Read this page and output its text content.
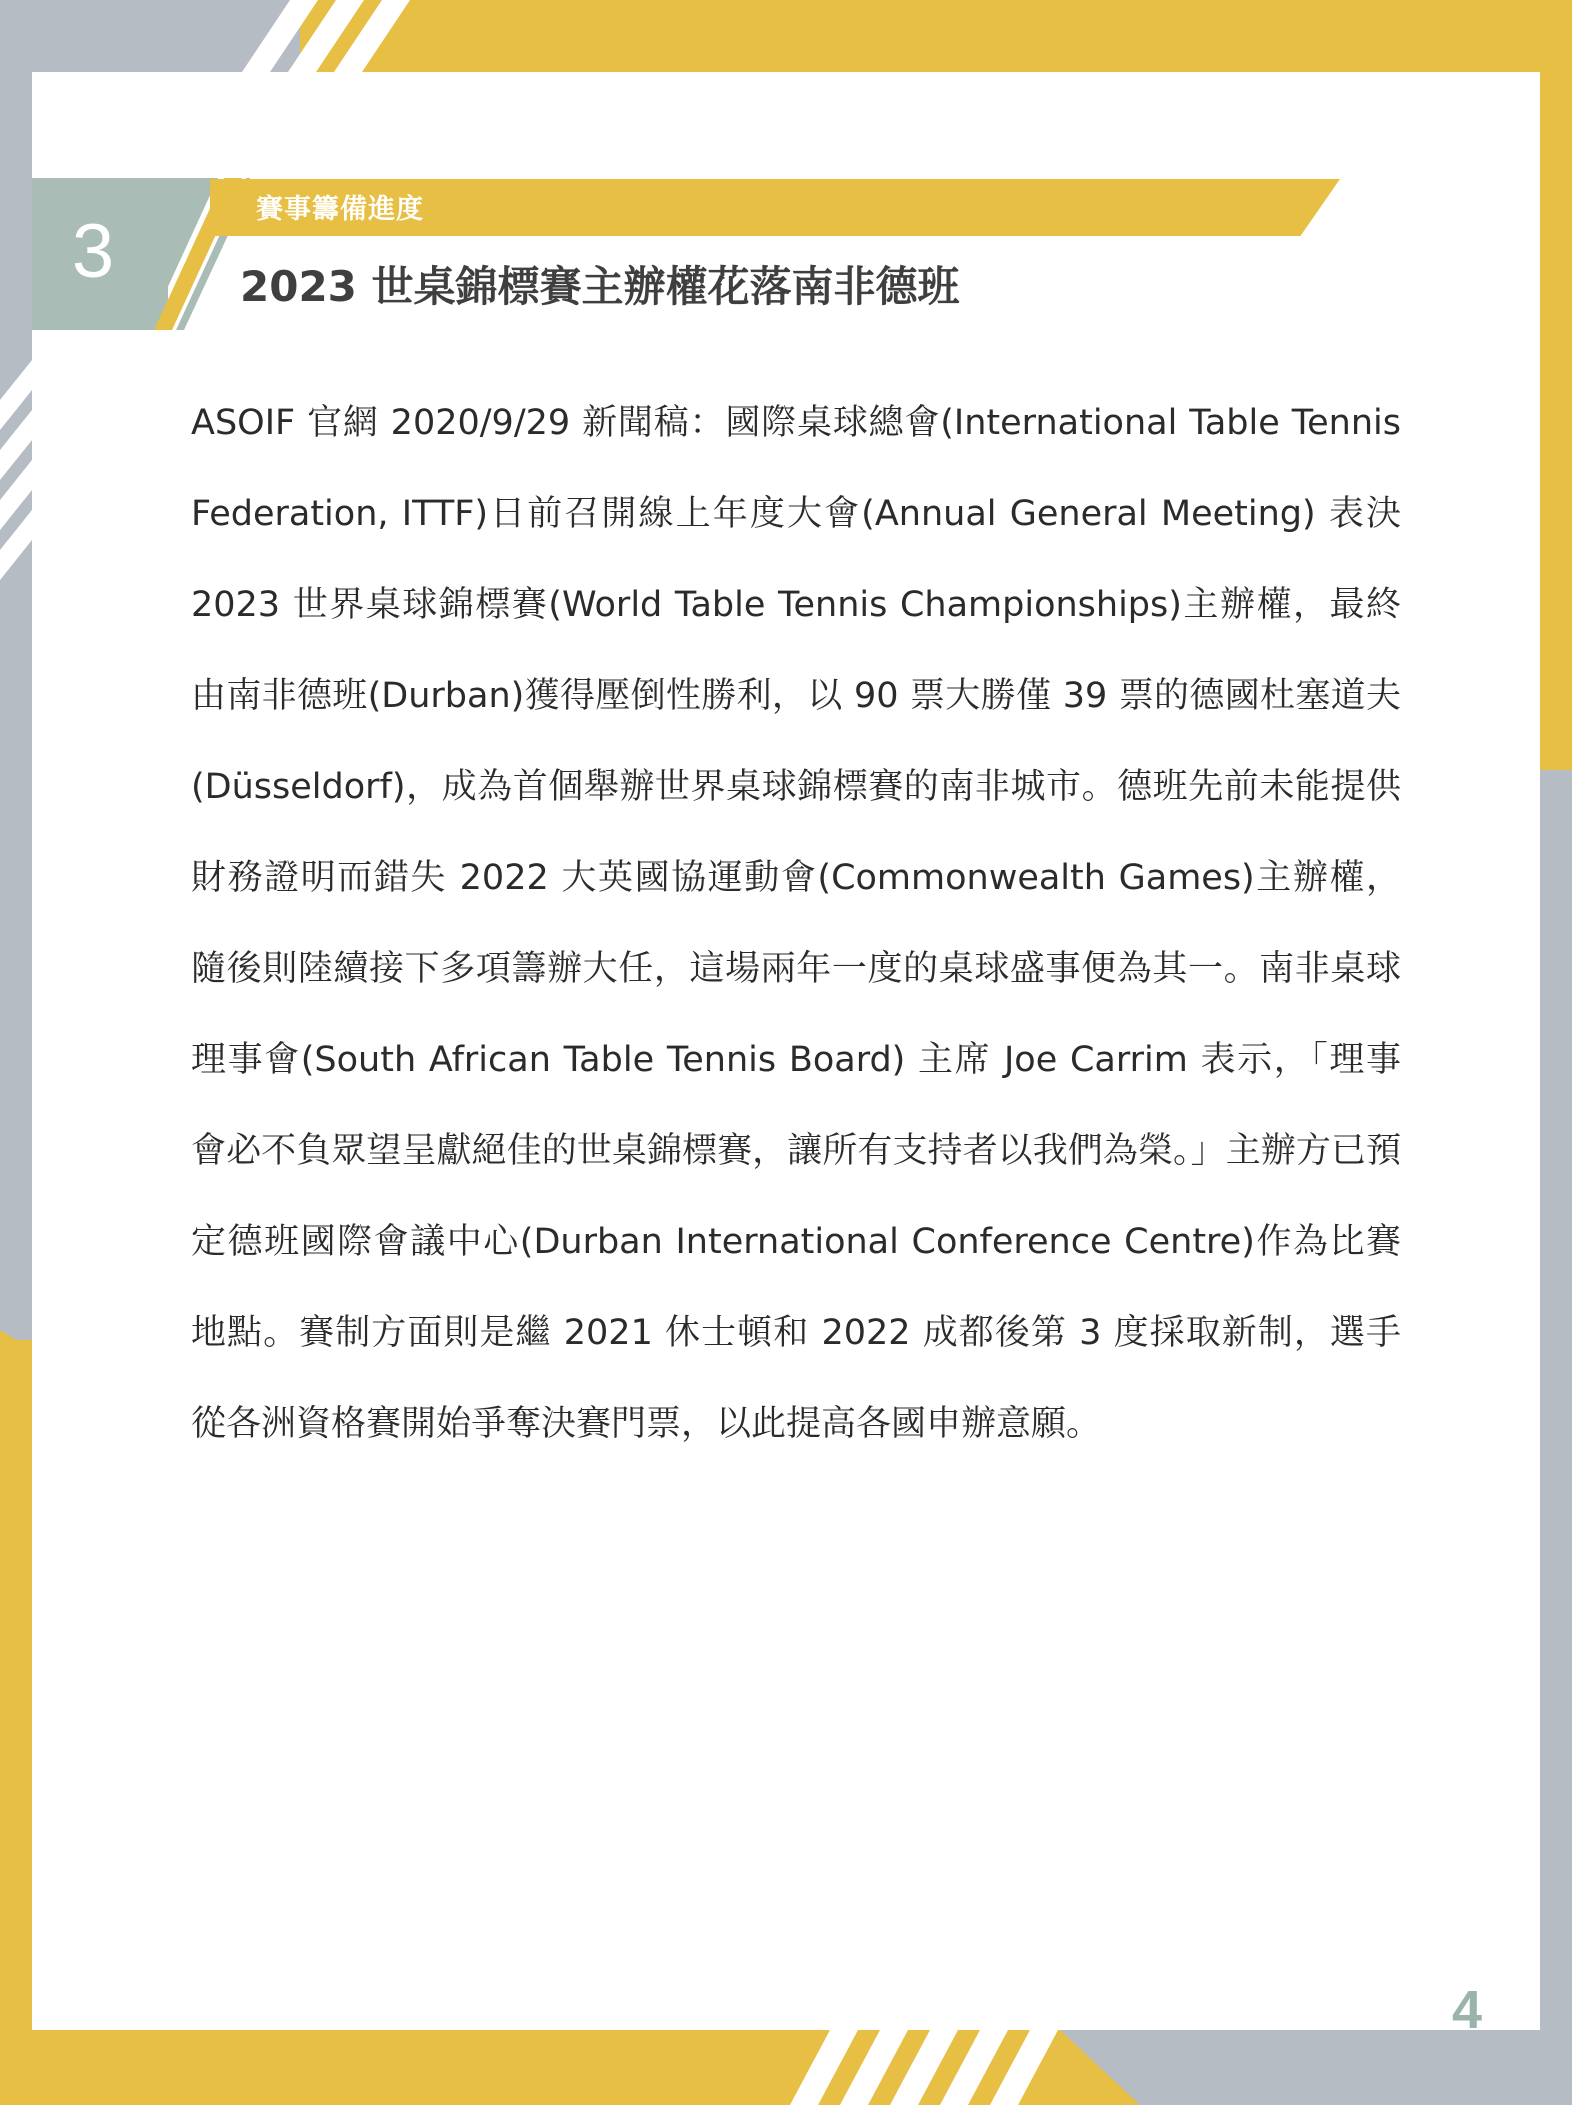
3	賽事籌備進度
2023 世桌錦標賽主辦權花落南非德班

ASOIF 官網 2020/9/29 新聞稿：國際桌球總會(International Table Tennis Federation, ITTF)日前召開線上年度大會(Annual General Meeting) 表決 2023 世界桌球錦標賽(World Table Tennis Championships)主辦權，最終由南非德班(Durban)獲得壓倒性勝利，以 90 票大勝僅 39 票的德國杜塞道夫(Düsseldorf)，成為首個舉辦世界桌球錦標賽的南非城市。德班先前未能提供財務證明而錯失 2022 大英國協運動會(Commonwealth Games)主辦權，隨後則陸續接下多項籌辦大任，這場兩年一度的桌球盛事便為其一。南非桌球理事會(South African Table Tennis Board) 主席 Joe Carrim 表示，「理事會必不負眾望呈獻絕佳的世桌錦標賽，讓所有支持者以我們為榮。」主辦方已預定德班國際會議中心(Durban International Conference Centre)作為比賽地點。賽制方面則是繼 2021 休士頓和 2022 成都後第 3 度採取新制，選手從各洲資格賽開始爭奪決賽門票，以此提高各國申辦意願。

4
